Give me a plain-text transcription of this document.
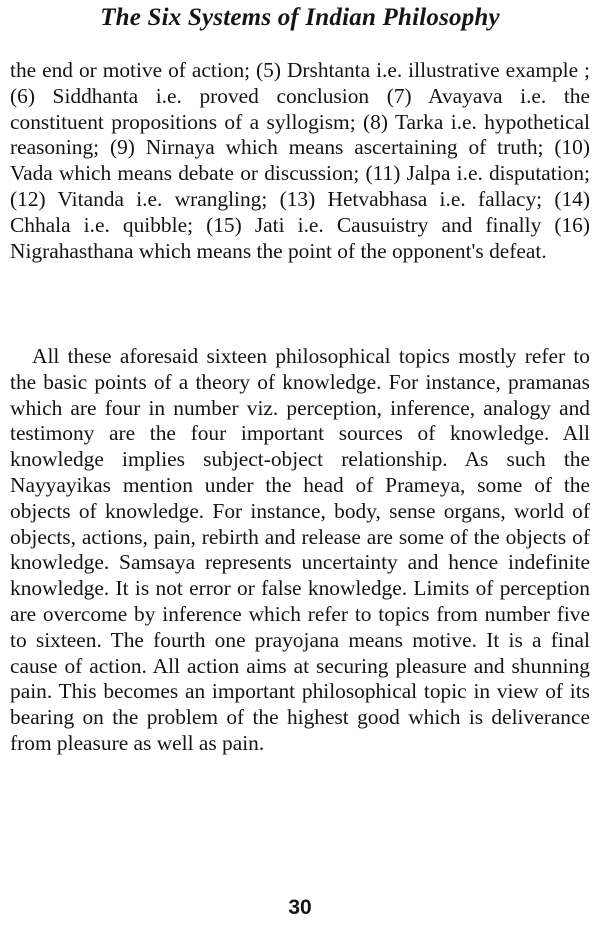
The Six Systems of Indian Philosophy

the end or motive of action; (5) Drshtanta i.e. illustrative example ; (6) Siddhanta i.e. proved conclusion (7) Avayava i.e. the constituent propositions of a syllogism; (8) Tarka i.e. hypothetical reasoning; (9) Nirnaya which means ascertaining of truth; (10) Vada which means debate or discussion; (11) Jalpa i.e. disputation; (12) Vitanda i.e. wrangling; (13) Hetvabhasa i.e. fallacy; (14) Chhala i.e. quibble; (15) Jati i.e. Causuistry and finally (16) Nigrahasthana which means the point of the opponent's defeat.

All these aforesaid sixteen philosophical topics mostly refer to the basic points of a theory of knowledge. For instance, pramanas which are four in number viz. perception, inference, analogy and testimony are the four important sources of knowledge. All knowledge implies subject-object relationship. As such the Nayyayikas mention under the head of Prameya, some of the objects of knowledge. For instance, body, sense organs, world of objects, actions, pain, rebirth and release are some of the objects of knowledge. Samsaya represents uncertainty and hence indefinite knowledge. It is not error or false knowledge. Limits of perception are overcome by inference which refer to topics from number five to sixteen. The fourth one prayojana means motive. It is a final cause of action. All action aims at securing pleasure and shunning pain. This becomes an important philosophical topic in view of its bearing on the problem of the highest good which is deliverance from pleasure as well as pain.

30
